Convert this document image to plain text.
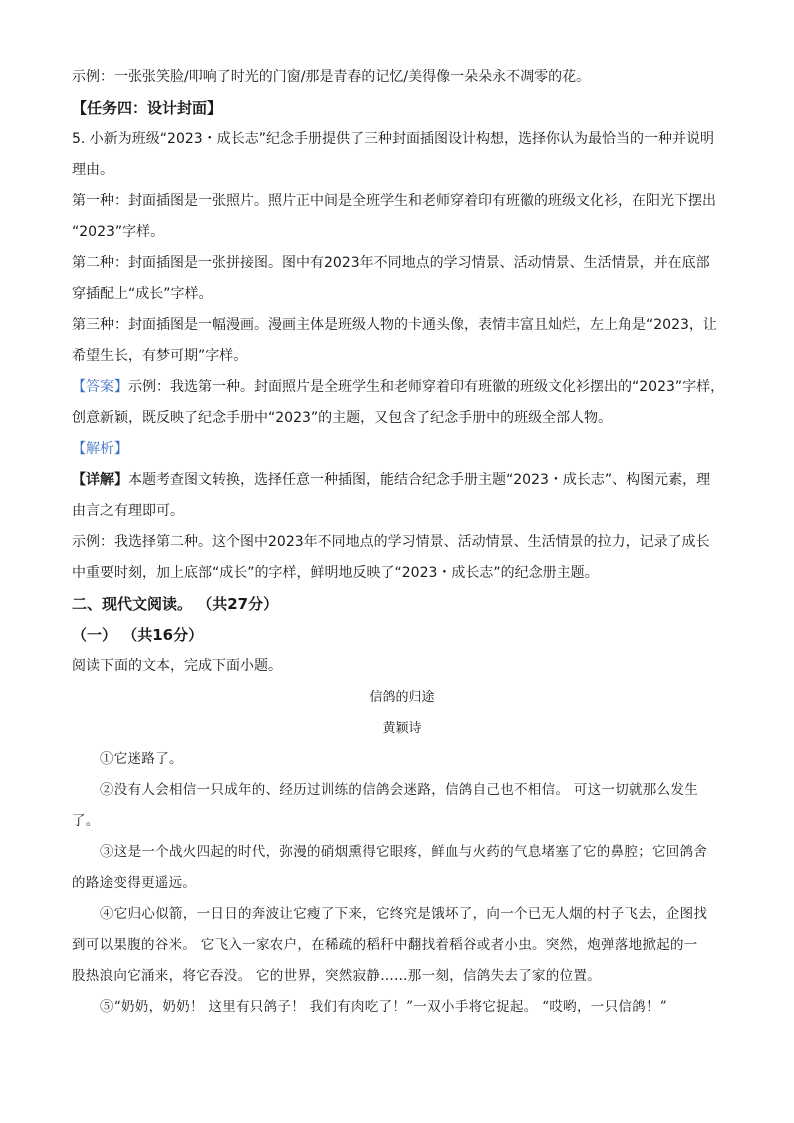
示例：一张张笑脸/叩响了时光的门窗/那是青春的记忆/美得像一朵朵永不凋零的花。
【任务四：设计封面】
5. 小新为班级“2023・成长志”纪念手册提供了三种封面插图设计构想，选择你认为最恰当的一种并说明
理由。
第一种：封面插图是一张照片。照片正中间是全班学生和老师穿着印有班徽的班级文化衫，在阳光下摆出
“2023”字样。
第二种：封面插图是一张拼接图。图中有2023年不同地点的学习情景、活动情景、生活情景，并在底部
穿插配上“成长”字样。
第三种：封面插图是一幅漫画。漫画主体是班级人物的卡通头像，表情丰富且灿烂，左上角是“2023，让
希望生长，有梦可期”字样。
【答案】示例：我选第一种。封面照片是全班学生和老师穿着印有班徽的班级文化衫摆出的“2023”字样，
创意新颖，既反映了纪念手册中“2023”的主题，又包含了纪念手册中的班级全部人物。
【解析】
【详解】本题考查图文转换，选择任意一种插图，能结合纪念手册主题“2023・成长志”、构图元素，理
由言之有理即可。
示例：我选择第二种。这个图中2023年不同地点的学习情景、活动情景、生活情景的拉力，记录了成长
中重要时刻，加上底部“成长”的字样，鲜明地反映了“2023・成长志”的纪念册主题。
二、现代文阅读。 （共27分）
（一） （共16分）
阅读下面的文本，完成下面小题。
信鸽的归途
黄颖诗
①它迷路了。
②没有人会相信一只成年的、经历过训练的信鸽会迷路，信鸽自己也不相信。 可这一切就那么发生
了。
③这是一个战火四起的时代，弥漫的硝烟熏得它眼疼，鲜血与火药的气息堵塞了它的鼻腔；它回鸽舍
的路途变得更遥远。
④它归心似箭，一日日的奔波让它瘦了下来，它终究是饿坏了，向一个已无人烟的村子飞去，企图找
到可以果腹的谷米。 它飞入一家农户，在稀疏的稻秆中翻找着稻谷或者小虫。突然，炮弹落地掀起的一
股热浪向它涌来，将它吞没。 它的世界，突然寂静……那一刻，信鸽失去了家的位置。
⑤“奶奶，奶奶！ 这里有只鸽子！ 我们有肉吃了！”一双小手将它捉起。 “哎哟，一只信鸽！”
